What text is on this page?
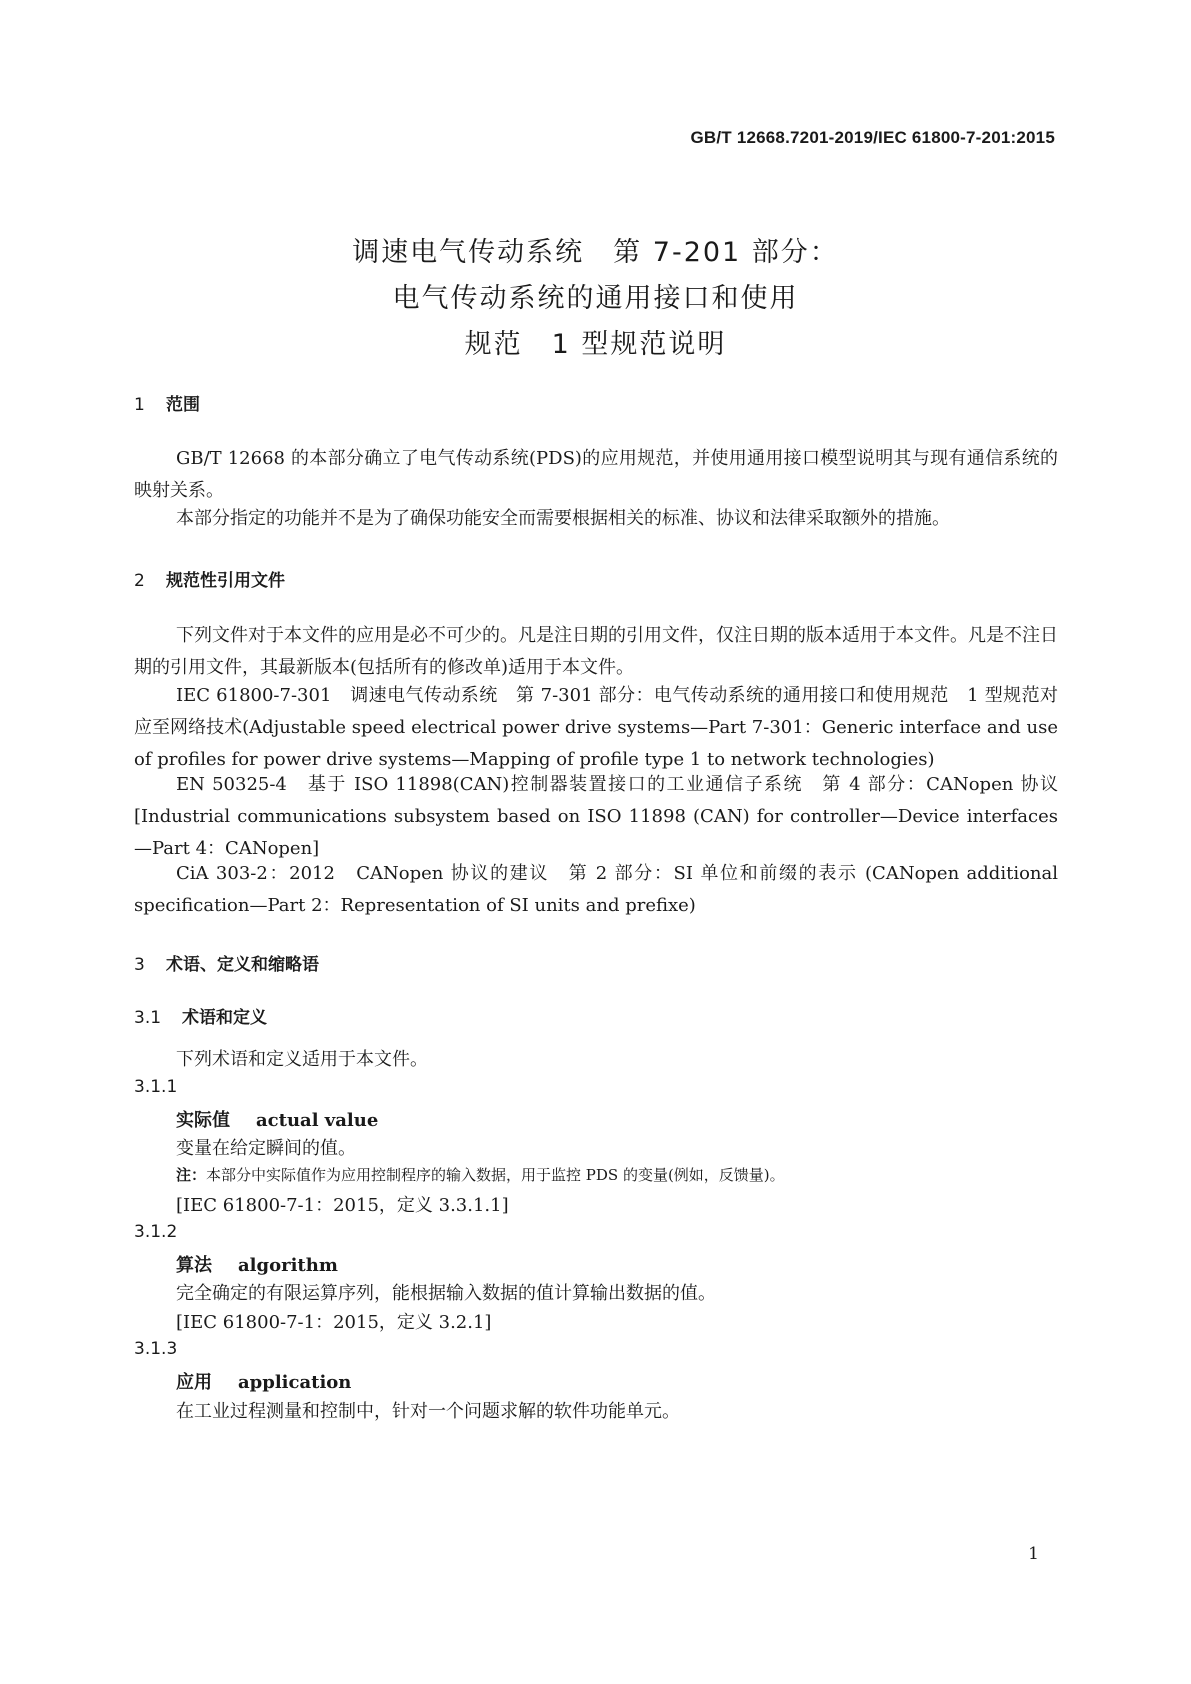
GB/T 12668.7201-2019/IEC 61800-7-201:2015
调速电气传动系统　第 7-201 部分：
电气传动系统的通用接口和使用
规范　1 型规范说明
1 范围
GB/T 12668 的本部分确立了电气传动系统(PDS)的应用规范，并使用通用接口模型说明其与现有通信系统的映射关系。
本部分指定的功能并不是为了确保功能安全而需要根据相关的标准、协议和法律采取额外的措施。
2 规范性引用文件
下列文件对于本文件的应用是必不可少的。凡是注日期的引用文件，仅注日期的版本适用于本文件。凡是不注日期的引用文件，其最新版本(包括所有的修改单)适用于本文件。
IEC 61800-7-301　调速电气传动系统　第 7-301 部分：电气传动系统的通用接口和使用规范　1 型规范对应至网络技术(Adjustable speed electrical power drive systems—Part 7-301：Generic interface and use of profiles for power drive systems—Mapping of profile type 1 to network technologies)
EN 50325-4　基于 ISO 11898(CAN)控制器装置接口的工业通信子系统　第 4 部分：CANopen 协议[Industrial communications subsystem based on ISO 11898 (CAN) for controller—Device interfaces—Part 4：CANopen]
CiA 303-2：2012　CANopen 协议的建议　第 2 部分：SI 单位和前缀的表示 (CANopen additional specification—Part 2：Representation of SI units and prefixe)
3 术语、定义和缩略语
3.1 术语和定义
下列术语和定义适用于本文件。
3.1.1
实际值 actual value
变量在给定瞬间的值。
注：本部分中实际值作为应用控制程序的输入数据，用于监控 PDS 的变量(例如，反馈量)。
[IEC 61800-7-1：2015，定义 3.3.1.1]
3.1.2
算法 algorithm
完全确定的有限运算序列，能根据输入数据的值计算输出数据的值。
[IEC 61800-7-1：2015，定义 3.2.1]
3.1.3
应用 application
在工业过程测量和控制中，针对一个问题求解的软件功能单元。
1
